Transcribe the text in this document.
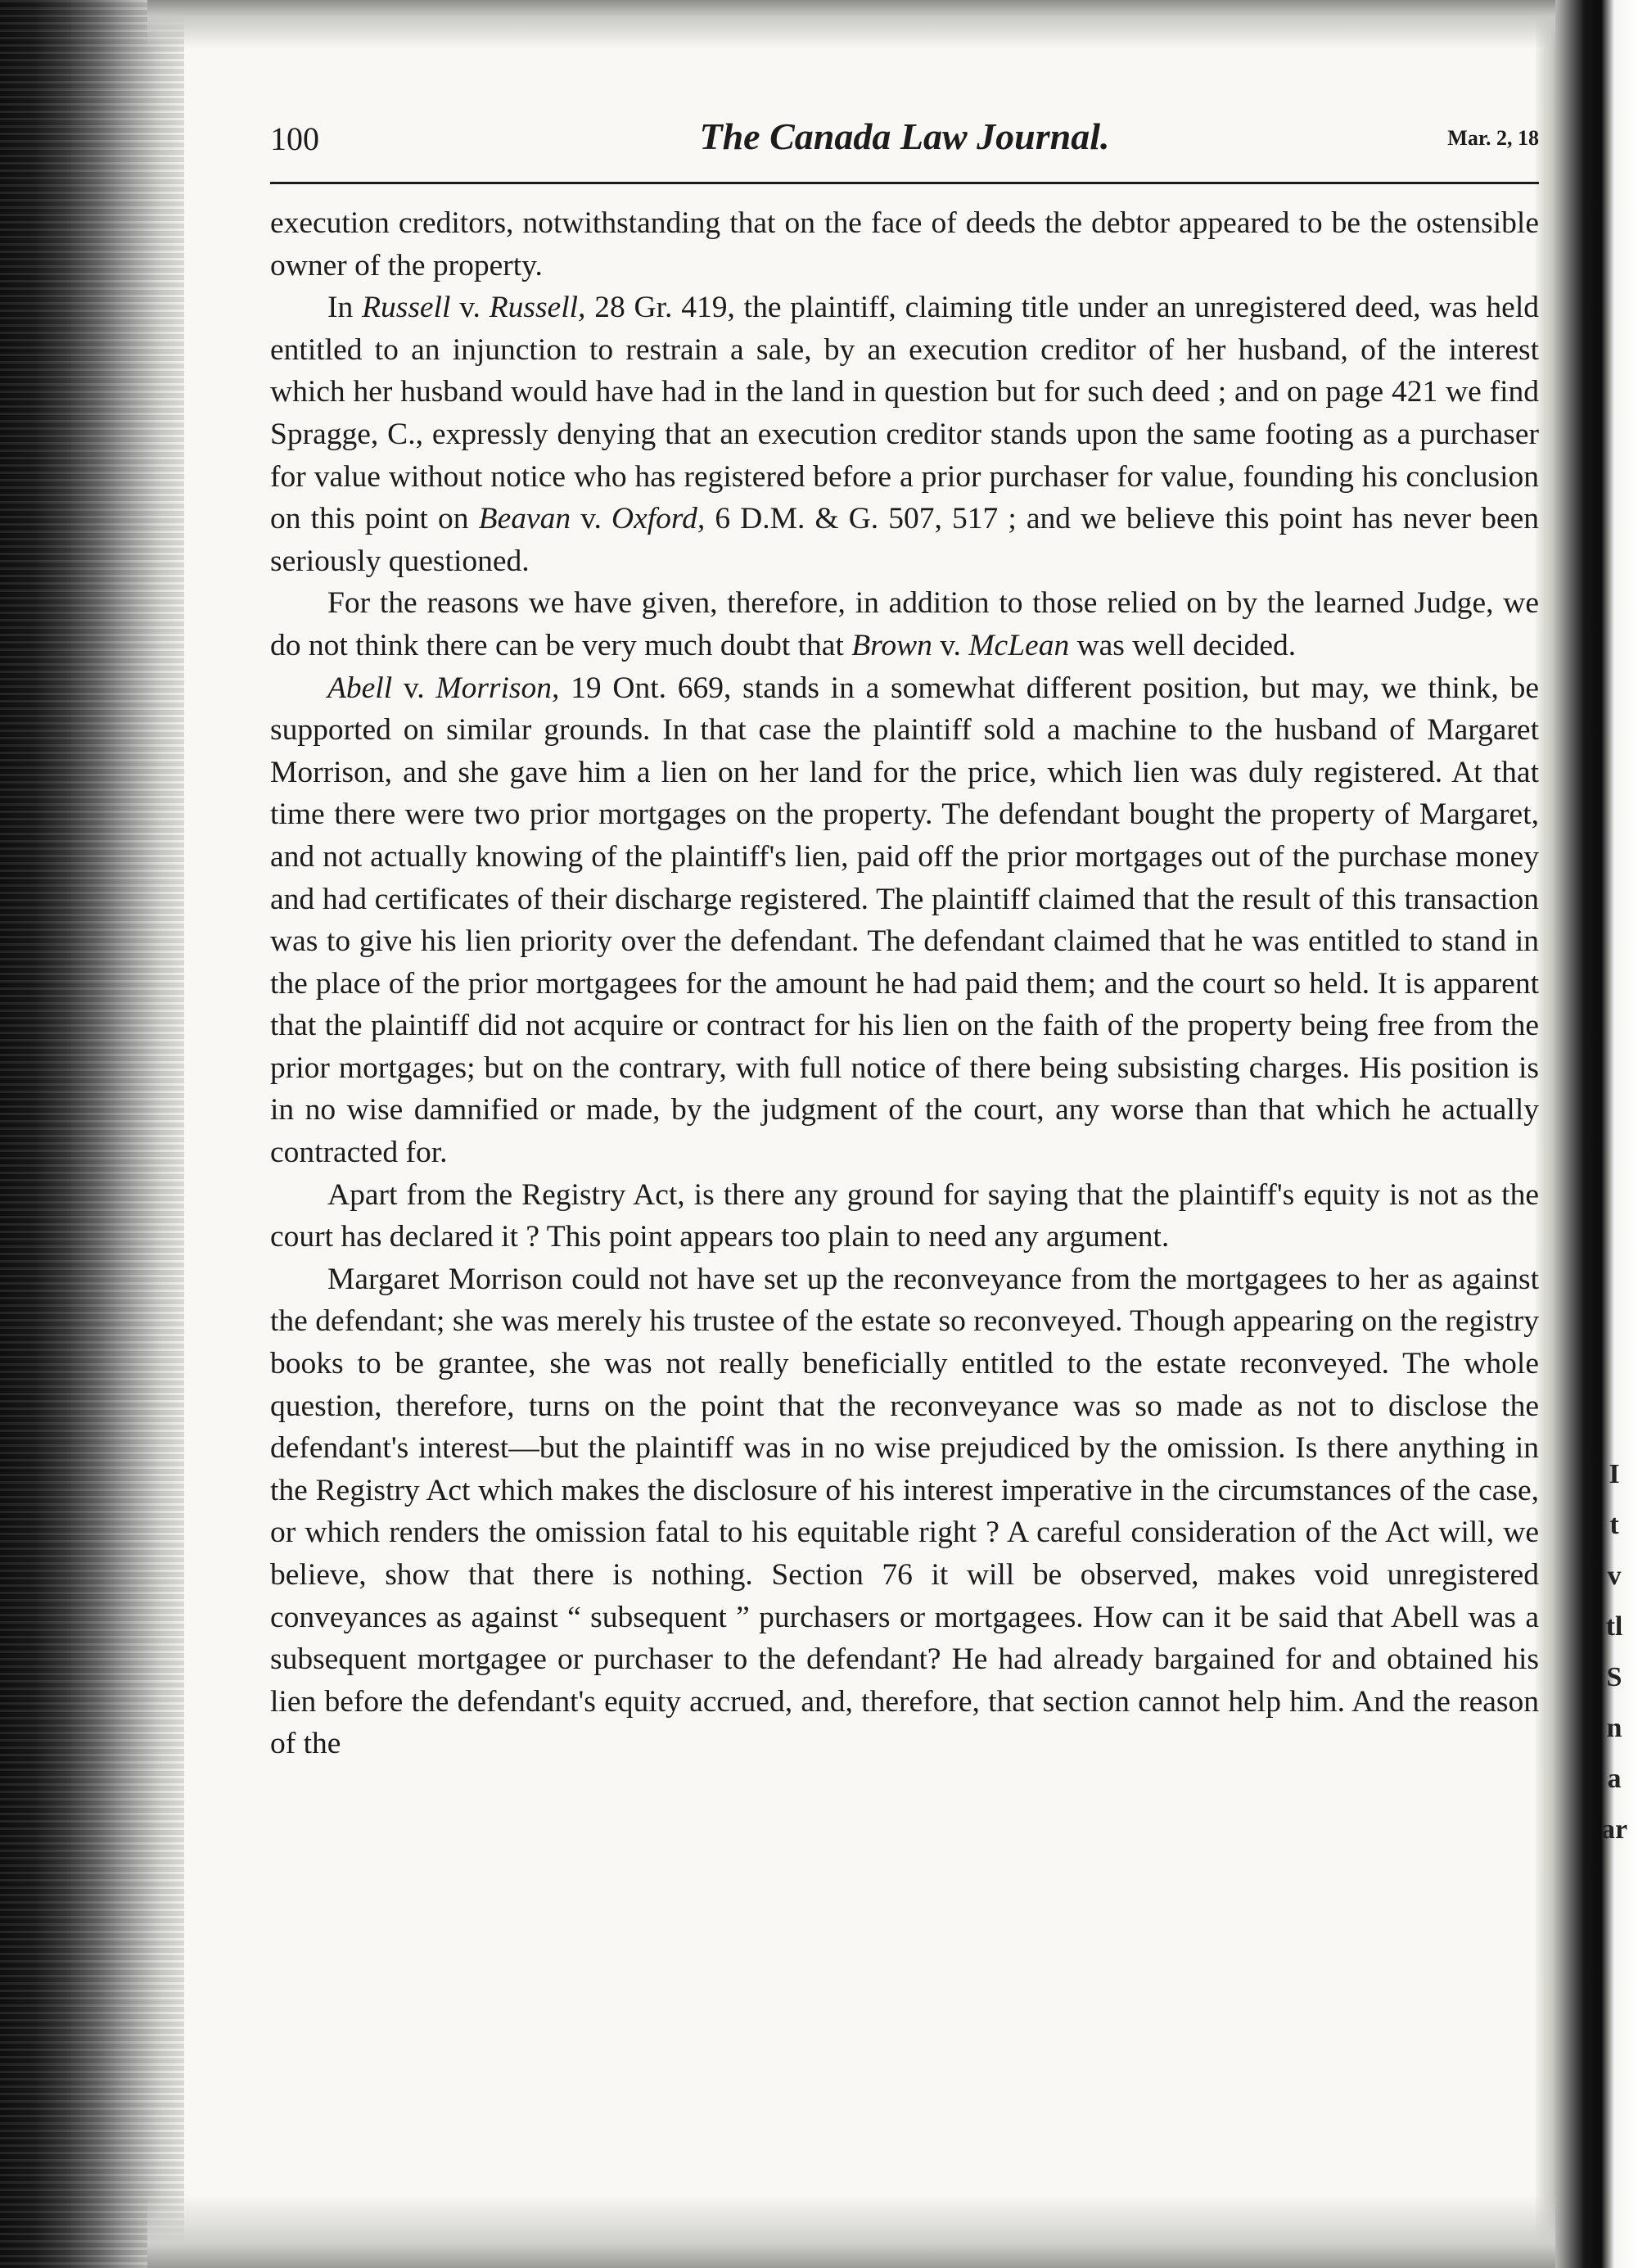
I
t
v
tl
S
n
a
ar
100	The Canada Law Journal.	Mar. 2, 18

execution creditors, notwithstanding that on the face of deeds the debtor appeared to be the ostensible owner of the property.

In Russell v. Russell, 28 Gr. 419, the plaintiff, claiming title under an unregistered deed, was held entitled to an injunction to restrain a sale, by an execution creditor of her husband, of the interest which her husband would have had in the land in question but for such deed ; and on page 421 we find Spragge, C., expressly denying that an execution creditor stands upon the same footing as a purchaser for value without notice who has registered before a prior purchaser for value, founding his conclusion on this point on Beavan v. Oxford, 6 D.M. & G. 507, 517 ; and we believe this point has never been seriously questioned.

For the reasons we have given, therefore, in addition to those relied on by the learned Judge, we do not think there can be very much doubt that Brown v. McLean was well decided.

Abell v. Morrison, 19 Ont. 669, stands in a somewhat different position, but may, we think, be supported on similar grounds. In that case the plaintiff sold a machine to the husband of Margaret Morrison, and she gave him a lien on her land for the price, which lien was duly registered. At that time there were two prior mortgages on the property. The defendant bought the property of Margaret, and not actually knowing of the plaintiff's lien, paid off the prior mortgages out of the purchase money and had certificates of their discharge registered. The plaintiff claimed that the result of this transaction was to give his lien priority over the defendant. The defendant claimed that he was entitled to stand in the place of the prior mortgagees for the amount he had paid them; and the court so held. It is apparent that the plaintiff did not acquire or contract for his lien on the faith of the property being free from the prior mortgages; but on the contrary, with full notice of there being subsisting charges. His position is in no wise damnified or made, by the judgment of the court, any worse than that which he actually contracted for.

Apart from the Registry Act, is there any ground for saying that the plaintiff's equity is not as the court has declared it ? This point appears too plain to need any argument.

Margaret Morrison could not have set up the reconveyance from the mortgagees to her as against the defendant; she was merely his trustee of the estate so reconveyed. Though appearing on the registry books to be grantee, she was not really beneficially entitled to the estate reconveyed. The whole question, therefore, turns on the point that the reconveyance was so made as not to disclose the defendant's interest—but the plaintiff was in no wise prejudiced by the omission. Is there anything in the Registry Act which makes the disclosure of his interest imperative in the circumstances of the case, or which renders the omission fatal to his equitable right ? A careful consideration of the Act will, we believe, show that there is nothing. Section 76 it will be observed, makes void unregistered conveyances as against “ subsequent ” purchasers or mortgagees. How can it be said that Abell was a subsequent mortgagee or purchaser to the defendant? He had already bargained for and obtained his lien before the defendant's equity accrued, and, therefore, that section cannot help him. And the reason of the
